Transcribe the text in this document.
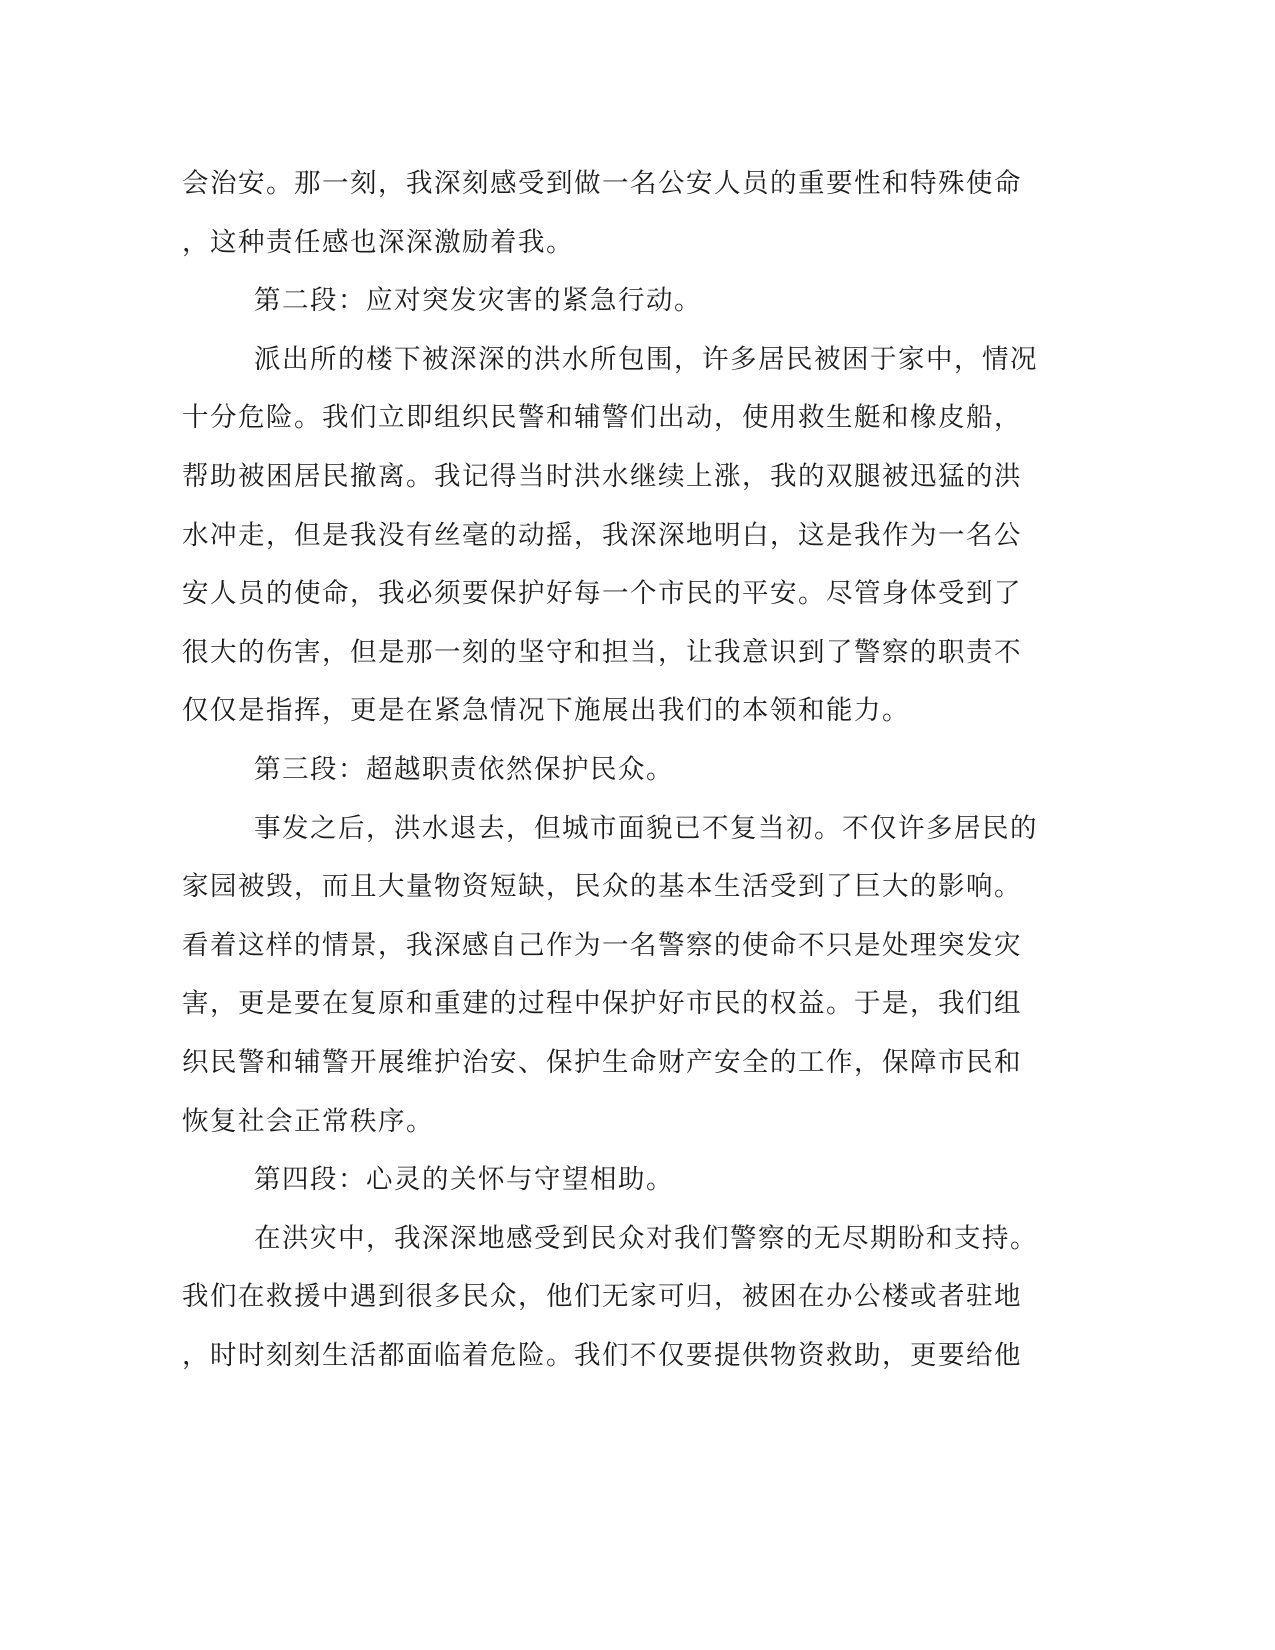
会治安。那一刻，我深刻感受到做一名公安人员的重要性和特殊使命
，这种责任感也深深激励着我。
第二段：应对突发灾害的紧急行动。
派出所的楼下被深深的洪水所包围，许多居民被困于家中，情况
十分危险。我们立即组织民警和辅警们出动，使用救生艇和橡皮船，
帮助被困居民撤离。我记得当时洪水继续上涨，我的双腿被迅猛的洪
水冲走，但是我没有丝毫的动摇，我深深地明白，这是我作为一名公
安人员的使命，我必须要保护好每一个市民的平安。尽管身体受到了
很大的伤害，但是那一刻的坚守和担当，让我意识到了警察的职责不
仅仅是指挥，更是在紧急情况下施展出我们的本领和能力。
第三段：超越职责依然保护民众。
事发之后，洪水退去，但城市面貌已不复当初。不仅许多居民的
家园被毁，而且大量物资短缺，民众的基本生活受到了巨大的影响。
看着这样的情景，我深感自己作为一名警察的使命不只是处理突发灾
害，更是要在复原和重建的过程中保护好市民的权益。于是，我们组
织民警和辅警开展维护治安、保护生命财产安全的工作，保障市民和
恢复社会正常秩序。
第四段：心灵的关怀与守望相助。
在洪灾中，我深深地感受到民众对我们警察的无尽期盼和支持。
我们在救援中遇到很多民众，他们无家可归，被困在办公楼或者驻地
，时时刻刻生活都面临着危险。我们不仅要提供物资救助，更要给他
